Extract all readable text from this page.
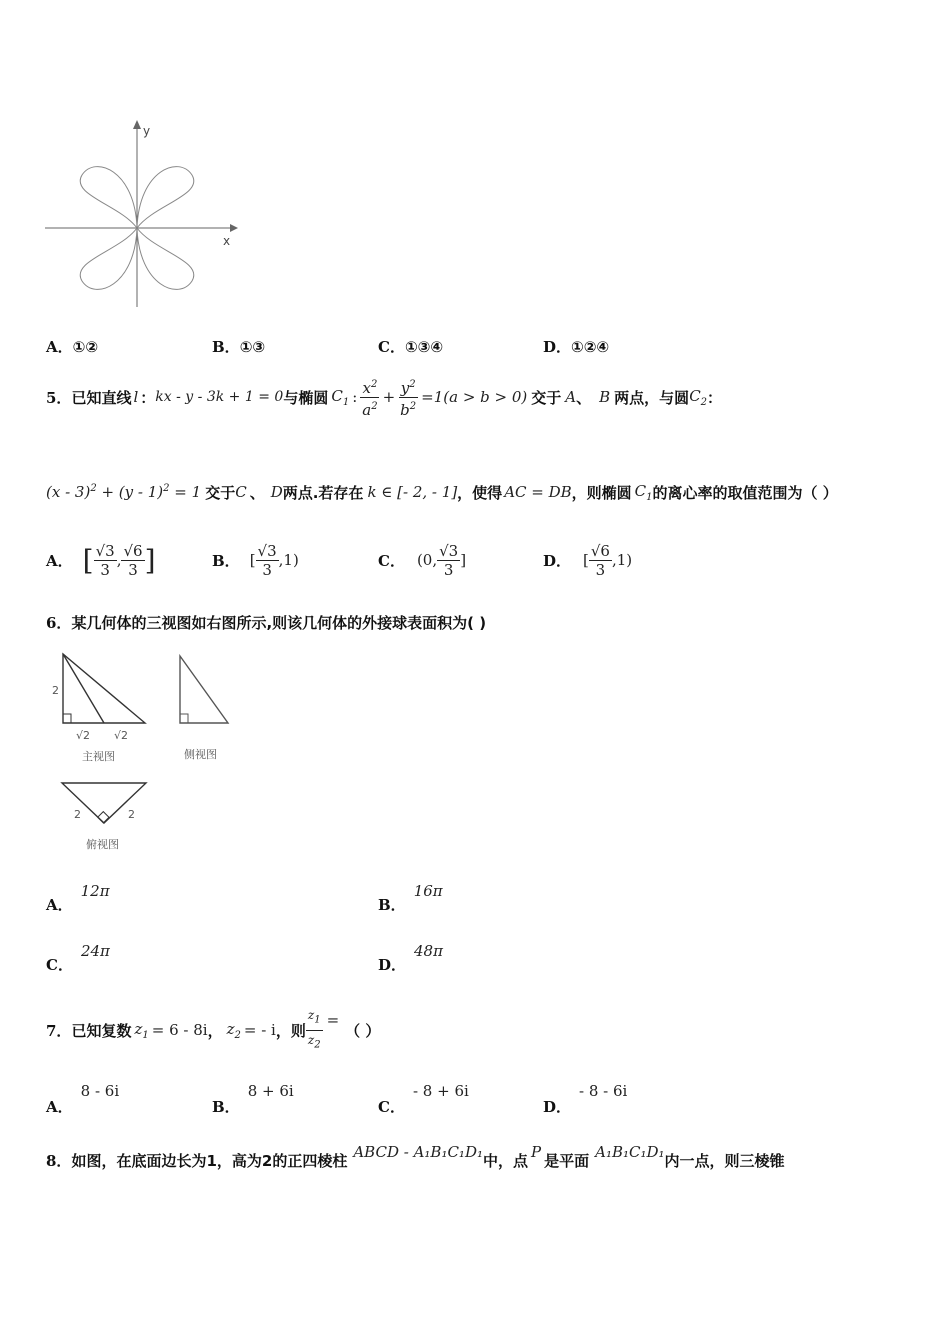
y
x
A．①②	B．①③	C．①③④	D．①②④
5． 已知直线 l ： kx - y - 3k + 1 = 0 与椭圆 $C_1$ : $\frac{x^2}{a^2} + \frac{y^2}{b^2} =1(a > b > 0)$ 交于 A 、 B 两点，与圆 $C_2$ ：
(x - 3)$^2$ + (y - 1)$^2$ = 1 交于 C 、 D 两点.若存在 k ∈ [- 2, - 1] ，使得 AC = DB ，则椭圆 $C_1$ 的离心率的取值范围为（ ）
A． [ $\frac{√3}{3}$ , $\frac{√6}{3}$ ]	B． [ $\frac{√3}{3} ,1$)	C． (0, $\frac{√3}{3}$ ]	D． [ $\frac{√6}{3} ,1$)
6．某几何体的三视图如右图所示,则该几何体的外接球表面积为( )
2
√2 √2
主视图	侧视图
2	2
俯视图
A．12π
B．16π
C．24π
D．48π
7． 已知复数 $z_1 = 6 - 8i$ ， $z_2$ = - i ，则 $\frac{z_1}{z_2}$ =
（ ）
A．8 - 6i
B．8 + 6i
C．- 8 + 6i
D．- 8 - 6i
8． 如图，在底面边长为1，高为2的正四棱柱 ABCD - A₁B₁C₁D₁ 中，点 P 是平面 A₁B₁C₁D₁ 内一点，则三棱锥
